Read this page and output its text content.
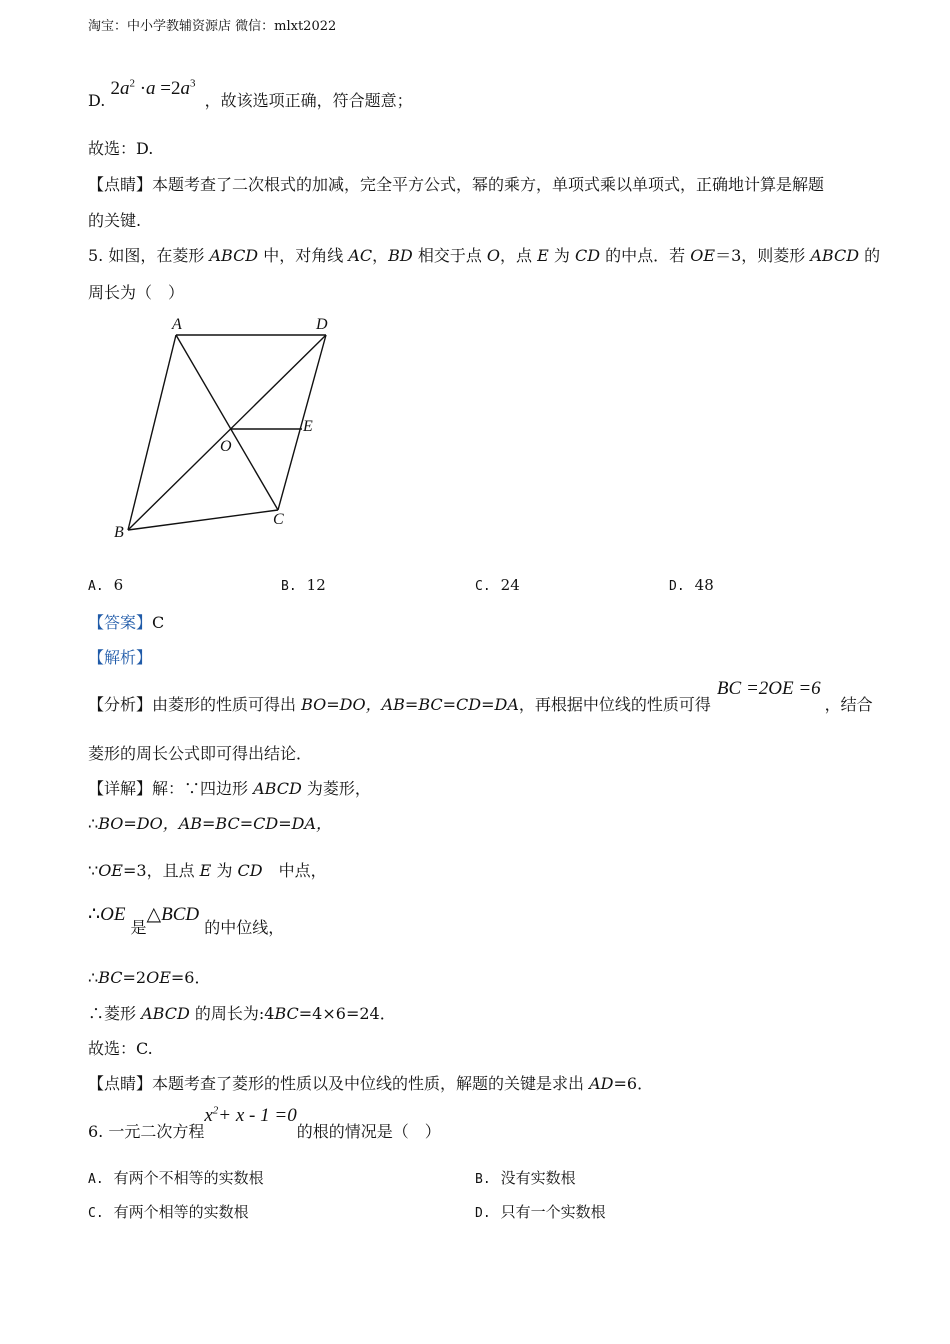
淘宝：中小学教辅资源店 微信：mlxt2022
D. $2a^2 \cdot a =2a^3$ ，故该选项正确，符合题意；
故选：D.
【点睛】本题考查了二次根式的加减，完全平方公式，幂的乘方，单项式乘以单项式，正确地计算是解题
的关键.
5. 如图，在菱形 ABCD 中，对角线 AC，BD 相交于点 O，点 E 为 CD 的中点．若 OE＝3，则菱形 ABCD 的
周长为（　）
A	D
B
C
O
E
A. 6	B. 12	C. 24	D. 48
【答案】C
【解析】
【分析】由菱形的性质可得出 BO=DO，AB=BC=CD=DA，再根据中位线的性质可得BC =2OE =6，结合
菱形的周长公式即可得出结论．
【详解】解：∵四边形 ABCD 为菱形，
∴BO=DO，AB=BC=CD=DA，
∵OE=3，且点 E 为 CD　中点，
∴OE 是△BCD 的中位线，
∴BC=2OE=6．
∴菱形 ABCD 的周长为:4BC=4×6=24．
故选：C.
【点睛】本题考查了菱形的性质以及中位线的性质，解题的关键是求出 AD=6．
6. 一元二次方程$x^2+ x - 1 =0$的根的情况是（　）
A. 有两个不相等的实数根	B. 没有实数根
C. 有两个相等的实数根	D. 只有一个实数根
